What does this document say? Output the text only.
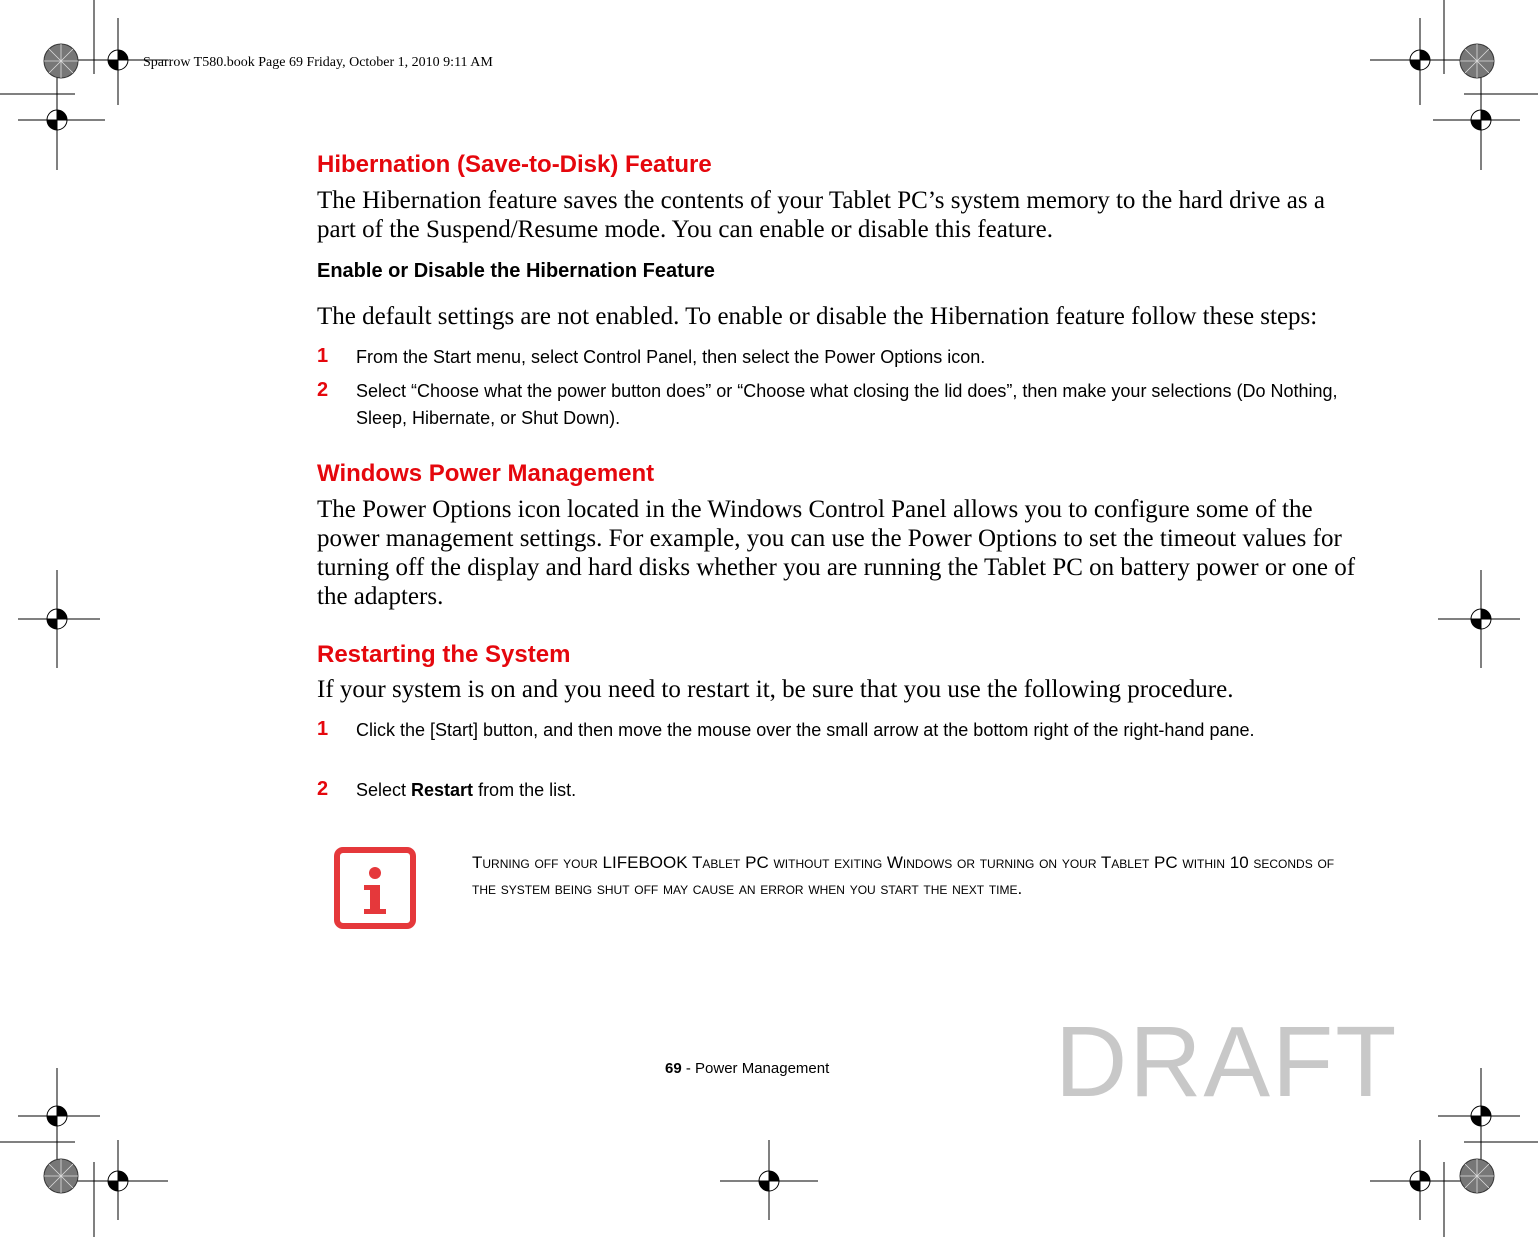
Sparrow T580.book Page 69 Friday, October 1, 2010 9:11 AM
Hibernation (Save-to-Disk) Feature
The Hibernation feature saves the contents of your Tablet PC’s system memory to the hard drive as a part of the Suspend/Resume mode. You can enable or disable this feature.
Enable or Disable the Hibernation Feature
The default settings are not enabled. To enable or disable the Hibernation feature follow these steps:
1 From the Start menu, select Control Panel, then select the Power Options icon.
2 Select “Choose what the power button does” or “Choose what closing the lid does”, then make your selections (Do Nothing, Sleep, Hibernate, or Shut Down).
Windows Power Management
The Power Options icon located in the Windows Control Panel allows you to configure some of the power management settings. For example, you can use the Power Options to set the timeout values for turning off the display and hard disks whether you are running the Tablet PC on battery power or one of the adapters.
Restarting the System
If your system is on and you need to restart it, be sure that you use the following procedure.
1 Click the [Start] button, and then move the mouse over the small arrow at the bottom right of the right-hand pane.
2 Select Restart from the list.
Turning off your LIFEBOOK Tablet PC without exiting Windows or turning on your Tablet PC within 10 seconds of the system being shut off may cause an error when you start the next time.
69 - Power Management DRAFT
